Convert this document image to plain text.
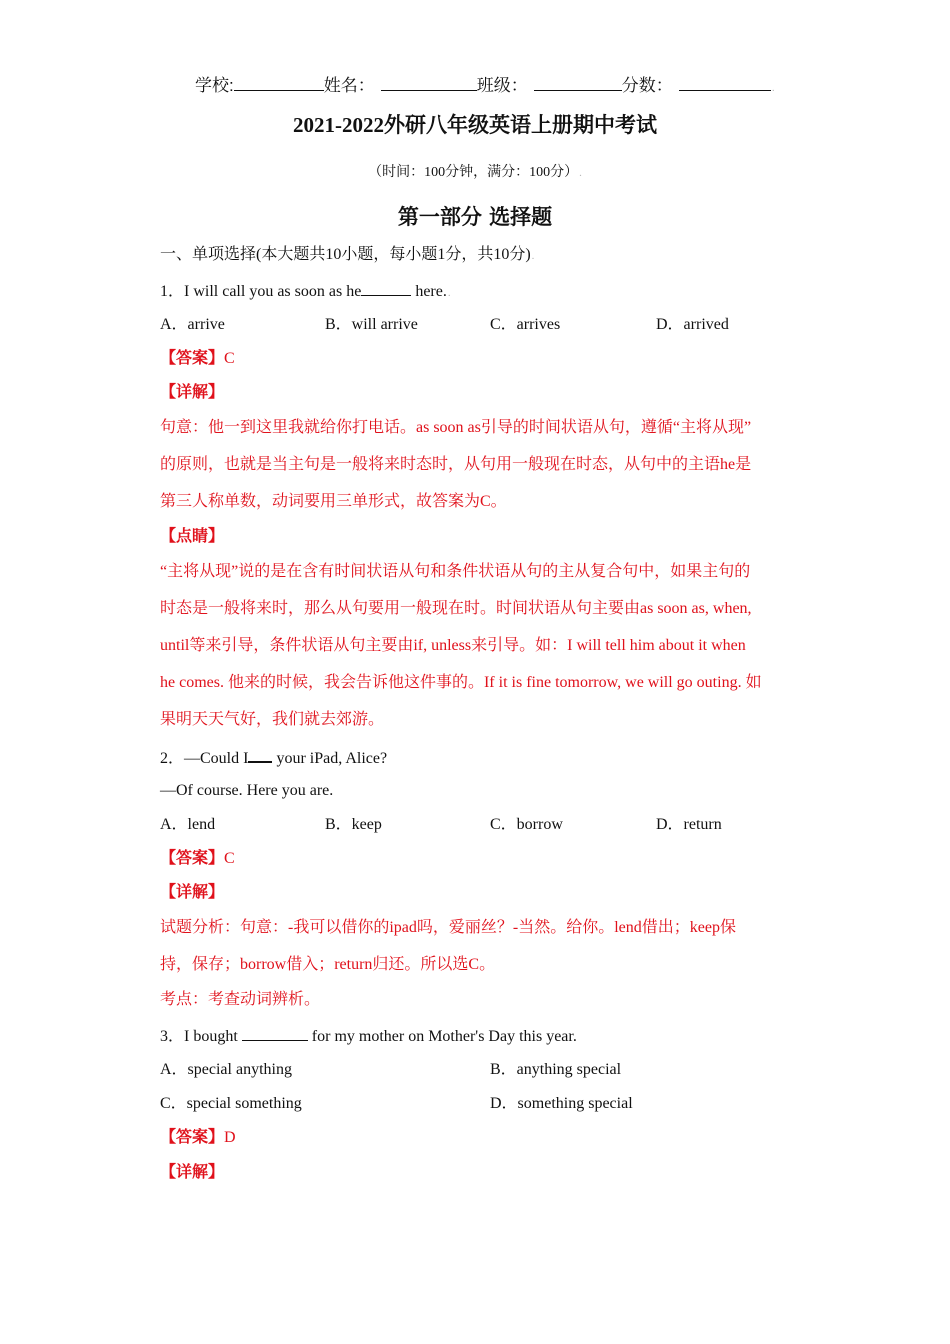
学校:	姓名：	班级：	分数：	.
2021-2022外研八年级英语上册期中考试
（时间：100分钟，满分：100分）.
第一部分 选择题
一、单项选择(本大题共10小题，每小题1分，共10分).
1．I will call you as soon as he	here..
A．arrive	B．will arrive	C．arrives	D．arrived
【答案】C
【详解】
句意：他一到这里我就给你打电话。as soon as引导的时间状语从句，遵循“主将从现”
的原则，也就是当主句是一般将来时态时，从句用一般现在时态，从句中的主语he是
第三人称单数，动词要用三单形式，故答案为C。
【点睛】
“主将从现”说的是在含有时间状语从句和条件状语从句的主从复合句中，如果主句的
时态是一般将来时，那么从句要用一般现在时。时间状语从句主要由as soon as, when,
until等来引导，条件状语从句主要由if, unless来引导。如：I will tell him about it when
he comes. 他来的时候，我会告诉他这件事的。If it is fine tomorrow, we will go outing. 如
果明天天气好，我们就去郊游。
2．—Could I your iPad, Alice?
—Of course. Here you are.
A．lend	B．keep	C．borrow	D．return
【答案】C
【详解】
试题分析：句意：-我可以借你的ipad吗，爱丽丝？-当然。给你。lend借出；keep保
持，保存；borrow借入；return归还。所以选C。
考点：考查动词辨析。
3．I bought	for my mother on Mother's Day this year.
A．special anything	B．anything special
C．special something	D．something special
【答案】D
【详解】
